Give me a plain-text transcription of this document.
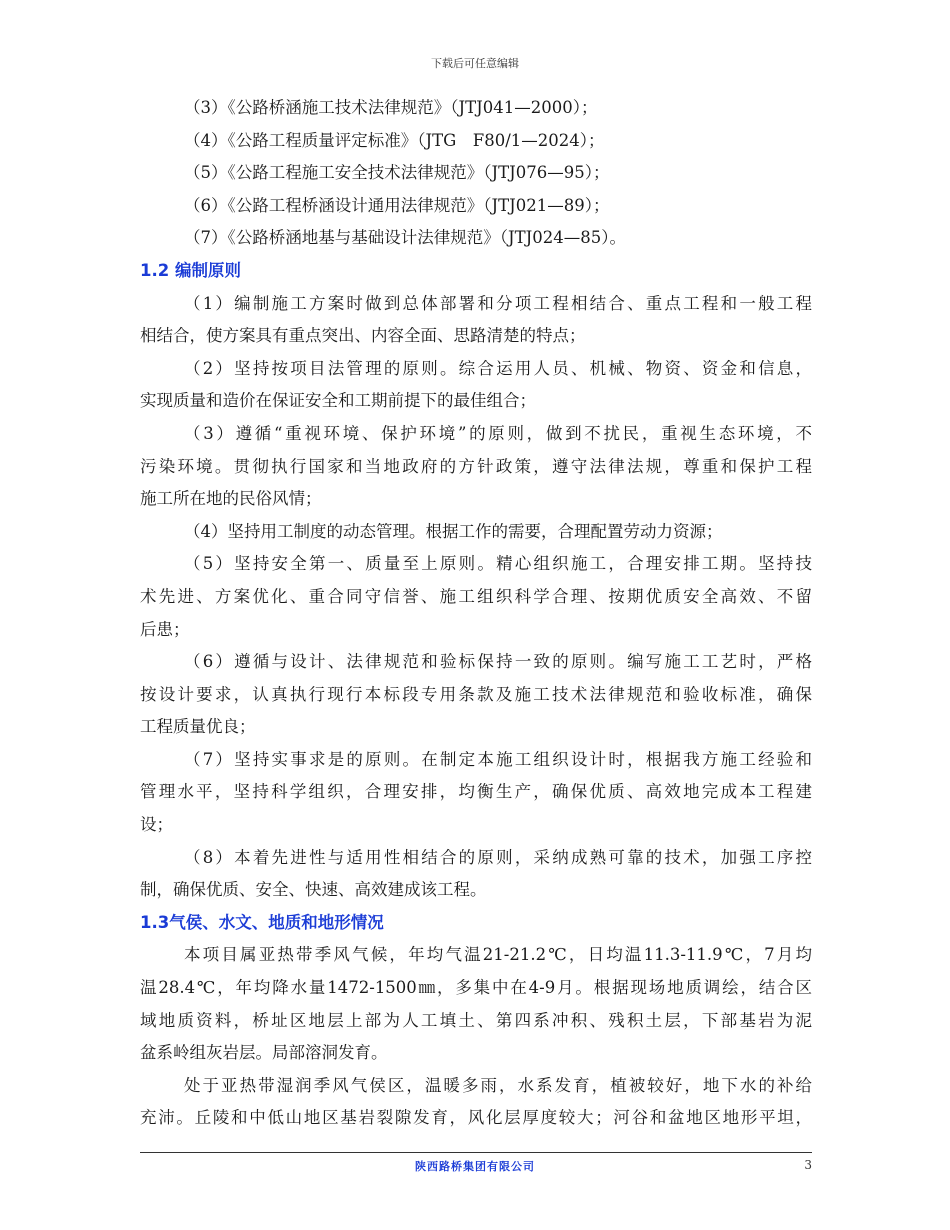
下载后可任意编辑
（3）《公路桥涵施工技术法律规范》（JTJ041—2000）；
（4）《公路工程质量评定标准》（JTG　F80/1—2024）；
（5）《公路工程施工安全技术法律规范》（JTJ076—95）；
（6）《公路工程桥涵设计通用法律规范》（JTJ021—89）；
（7）《公路桥涵地基与基础设计法律规范》（JTJ024—85）。
1.2 编制原则
（1）编制施工方案时做到总体部署和分项工程相结合、重点工程和一般工程
相结合，使方案具有重点突出、内容全面、思路清楚的特点；
（2）坚持按项目法管理的原则。综合运用人员、机械、物资、资金和信息，
实现质量和造价在保证安全和工期前提下的最佳组合；
（3）遵循“重视环境、保护环境”的原则，做到不扰民，重视生态环境，不
污染环境。贯彻执行国家和当地政府的方针政策，遵守法律法规，尊重和保护工程
施工所在地的民俗风情；
（4）坚持用工制度的动态管理。根据工作的需要，合理配置劳动力资源；
（5）坚持安全第一、质量至上原则。精心组织施工，合理安排工期。坚持技
术先进、方案优化、重合同守信誉、施工组织科学合理、按期优质安全高效、不留
后患；
（6）遵循与设计、法律规范和验标保持一致的原则。编写施工工艺时，严格
按设计要求，认真执行现行本标段专用条款及施工技术法律规范和验收标准，确保
工程质量优良；
（7）坚持实事求是的原则。在制定本施工组织设计时，根据我方施工经验和
管理水平，坚持科学组织，合理安排，均衡生产，确保优质、高效地完成本工程建
设；
（8）本着先进性与适用性相结合的原则，采纳成熟可靠的技术，加强工序控
制，确保优质、安全、快速、高效建成该工程。
1.3气侯、水文、地质和地形情况
本项目属亚热带季风气候，年均气温21-21.2℃，日均温11.3-11.9℃，7月均
温28.4℃，年均降水量1472-1500㎜，多集中在4-9月。根据现场地质调绘，结合区
域地质资料，桥址区地层上部为人工填土、第四系冲积、残积土层，下部基岩为泥
盆系岭组灰岩层。局部溶洞发育。
处于亚热带湿润季风气侯区，温暖多雨，水系发育，植被较好，地下水的补给
充沛。丘陵和中低山地区基岩裂隙发育，风化层厚度较大；河谷和盆地区地形平坦，
陕西路桥集团有限公司	3
